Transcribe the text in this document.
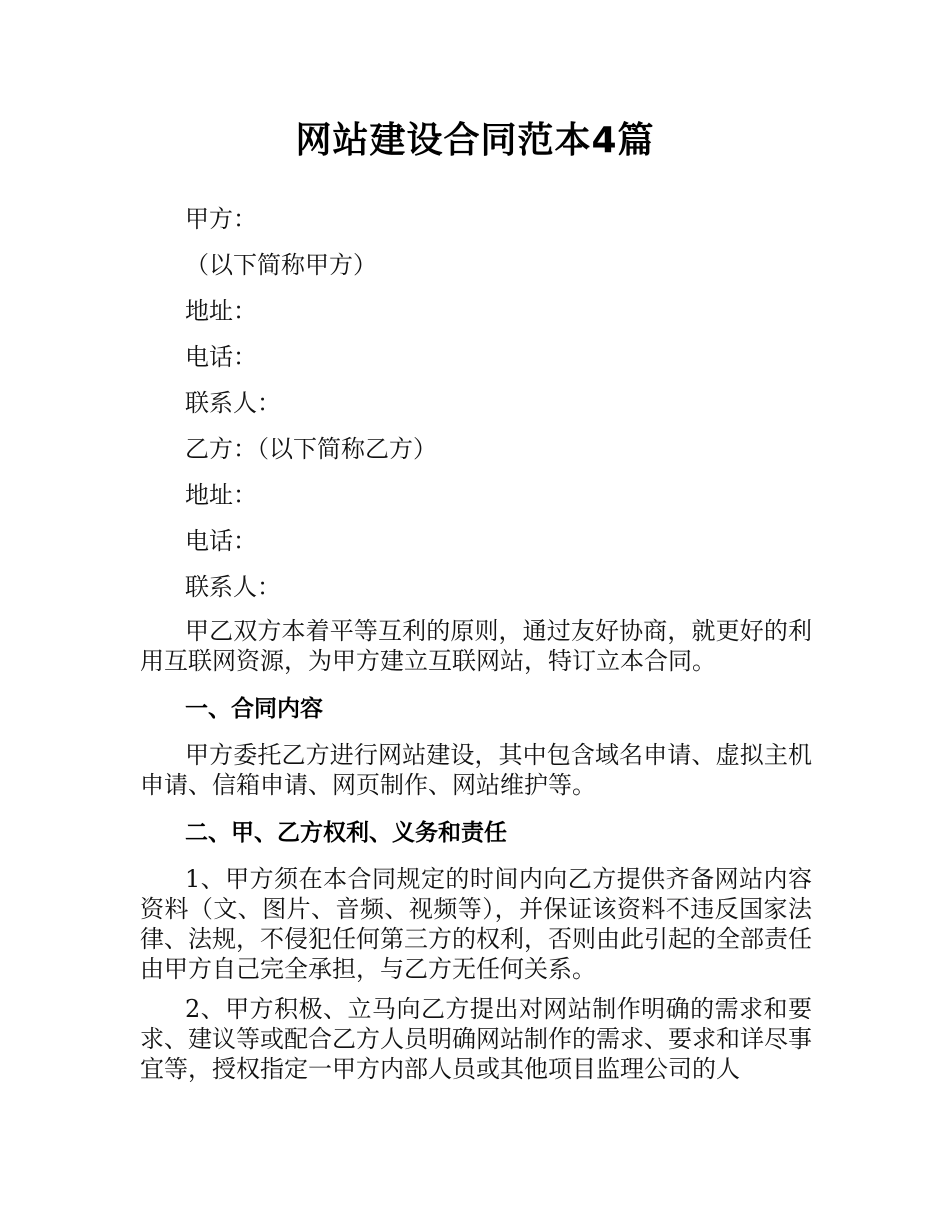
网站建设合同范本4篇
甲方：
（以下简称甲方）
地址：
电话：
联系人：
乙方：（以下简称乙方）
地址：
电话：
联系人：

甲乙双方本着平等互利的原则，通过友好协商，就更好的利用互联网资源，为甲方建立互联网站，特订立本合同。

一、合同内容

甲方委托乙方进行网站建设，其中包含域名申请、虚拟主机申请、信箱申请、网页制作、网站维护等。

二、甲、乙方权利、义务和责任

1、甲方须在本合同规定的时间内向乙方提供齐备网站内容资料（文、图片、音频、视频等），并保证该资料不违反国家法律、法规，不侵犯任何第三方的权利，否则由此引起的全部责任由甲方自己完全承担，与乙方无任何关系。

2、甲方积极、立马向乙方提出对网站制作明确的需求和要求、建议等或配合乙方人员明确网站制作的需求、要求和详尽事宜等，授权指定一甲方内部人员或其他项目监理公司的人
